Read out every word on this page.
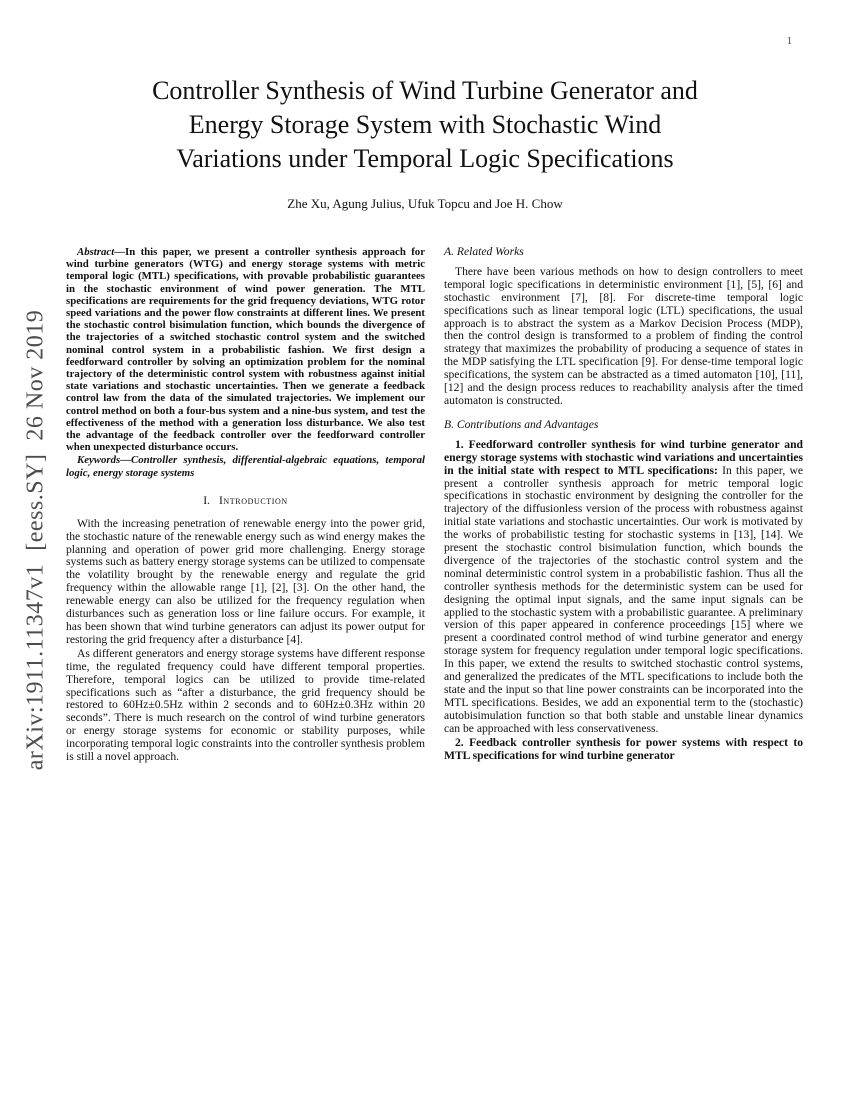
1
arXiv:1911.11347v1  [eess.SY]  26 Nov 2019
Controller Synthesis of Wind Turbine Generator and
Energy Storage System with Stochastic Wind
Variations under Temporal Logic Specifications
Zhe Xu, Agung Julius, Ufuk Topcu and Joe H. Chow

Abstract—In this paper, we present a controller synthesis approach for wind turbine generators (WTG) and energy storage systems with metric temporal logic (MTL) specifications, with provable probabilistic guarantees in the stochastic environment of wind power generation. The MTL specifications are requirements for the grid frequency deviations, WTG rotor speed variations and the power flow constraints at different lines. We present the stochastic control bisimulation function, which bounds the divergence of the trajectories of a switched stochastic control system and the switched nominal control system in a probabilistic fashion. We first design a feedforward controller by solving an optimization problem for the nominal trajectory of the deterministic control system with robustness against initial state variations and stochastic uncertainties. Then we generate a feedback control law from the data of the simulated trajectories. We implement our control method on both a four-bus system and a nine-bus system, and test the effectiveness of the method with a generation loss disturbance. We also test the advantage of the feedback controller over the feedforward controller when unexpected disturbance occurs.

Keywords—Controller synthesis, differential-algebraic equations, temporal logic, energy storage systems

I. Introduction

With the increasing penetration of renewable energy into the power grid, the stochastic nature of the renewable energy such as wind energy makes the planning and operation of power grid more challenging. Energy storage systems such as battery energy storage systems can be utilized to compensate the volatility brought by the renewable energy and regulate the grid frequency within the allowable range [1], [2], [3]. On the other hand, the renewable energy can also be utilized for the frequency regulation when disturbances such as generation loss or line failure occurs. For example, it has been shown that wind turbine generators can adjust its power output for restoring the grid frequency after a disturbance [4].

As different generators and energy storage systems have different response time, the regulated frequency could have different temporal properties. Therefore, temporal logics can be utilized to provide time-related specifications such as “after a disturbance, the grid frequency should be restored to 60Hz±0.5Hz within 2 seconds and to 60Hz±0.3Hz within 20 seconds”. There is much research on the control of wind turbine generators or energy storage systems for economic or stability purposes, while incorporating temporal logic constraints into the controller synthesis problem is still a novel approach.

A. Related Works

There have been various methods on how to design controllers to meet temporal logic specifications in deterministic environment [1], [5], [6] and stochastic environment [7], [8]. For discrete-time temporal logic specifications such as linear temporal logic (LTL) specifications, the usual approach is to abstract the system as a Markov Decision Process (MDP), then the control design is transformed to a problem of finding the control strategy that maximizes the probability of producing a sequence of states in the MDP satisfying the LTL specification [9]. For dense-time temporal logic specifications, the system can be abstracted as a timed automaton [10], [11], [12] and the design process reduces to reachability analysis after the timed automaton is constructed.

B. Contributions and Advantages

1. Feedforward controller synthesis for wind turbine generator and energy storage systems with stochastic wind variations and uncertainties in the initial state with respect to MTL specifications: In this paper, we present a controller synthesis approach for metric temporal logic specifications in stochastic environment by designing the controller for the trajectory of the diffusionless version of the process with robustness against initial state variations and stochastic uncertainties. Our work is motivated by the works of probabilistic testing for stochastic systems in [13], [14]. We present the stochastic control bisimulation function, which bounds the divergence of the trajectories of the stochastic control system and the nominal deterministic control system in a probabilistic fashion. Thus all the controller synthesis methods for the deterministic system can be used for designing the optimal input signals, and the same input signals can be applied to the stochastic system with a probabilistic guarantee. A preliminary version of this paper appeared in conference proceedings [15] where we present a coordinated control method of wind turbine generator and energy storage system for frequency regulation under temporal logic specifications. In this paper, we extend the results to switched stochastic control systems, and generalized the predicates of the MTL specifications to include both the state and the input so that line power constraints can be incorporated into the MTL specifications. Besides, we add an exponential term to the (stochastic) autobisimulation function so that both stable and unstable linear dynamics can be approached with less conservativeness.

2. Feedback controller synthesis for power systems with respect to MTL specifications for wind turbine generator
